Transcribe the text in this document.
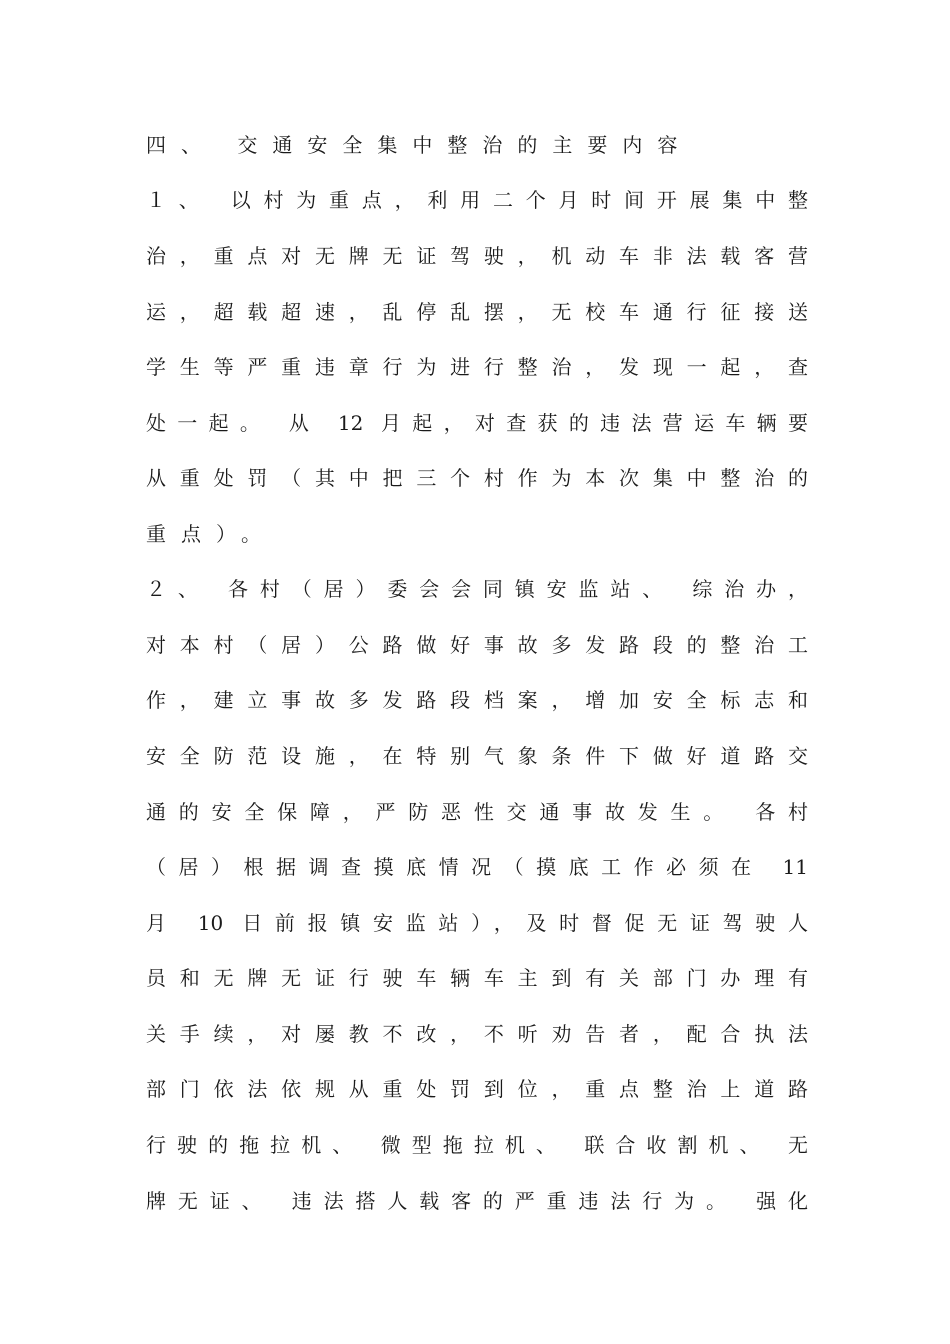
四、 交通安全集中整治的主要内容
１、 以村为重点，利用二个月时间开展集中整
治，重点对无牌无证驾驶，机动车非法载客营
运，超载超速，乱停乱摆，无校车通行征接送
学生等严重违章行为进行整治，发现一起，查
处一起。 从 12 月起，对查获的违法营运车辆要
从重处罚（其中把三个村作为本次集中整治的
重点）。
２、 各村（居）委会会同镇安监站、 综治办，
对本村（居）公路做好事故多发路段的整治工
作，建立事故多发路段档案，增加安全标志和
安全防范设施，在特别气象条件下做好道路交
通的安全保障，严防恶性交通事故发生。 各村
（居）根据调查摸底情况（摸底工作必须在 11
月 10 日前报镇安监站），及时督促无证驾驶人
员和无牌无证行驶车辆车主到有关部门办理有
关手续，对屡教不改，不听劝告者，配合执法
部门依法依规从重处罚到位，重点整治上道路
行驶的拖拉机、 微型拖拉机、 联合收割机、 无
牌无证、 违法搭人载客的严重违法行为。 强化
